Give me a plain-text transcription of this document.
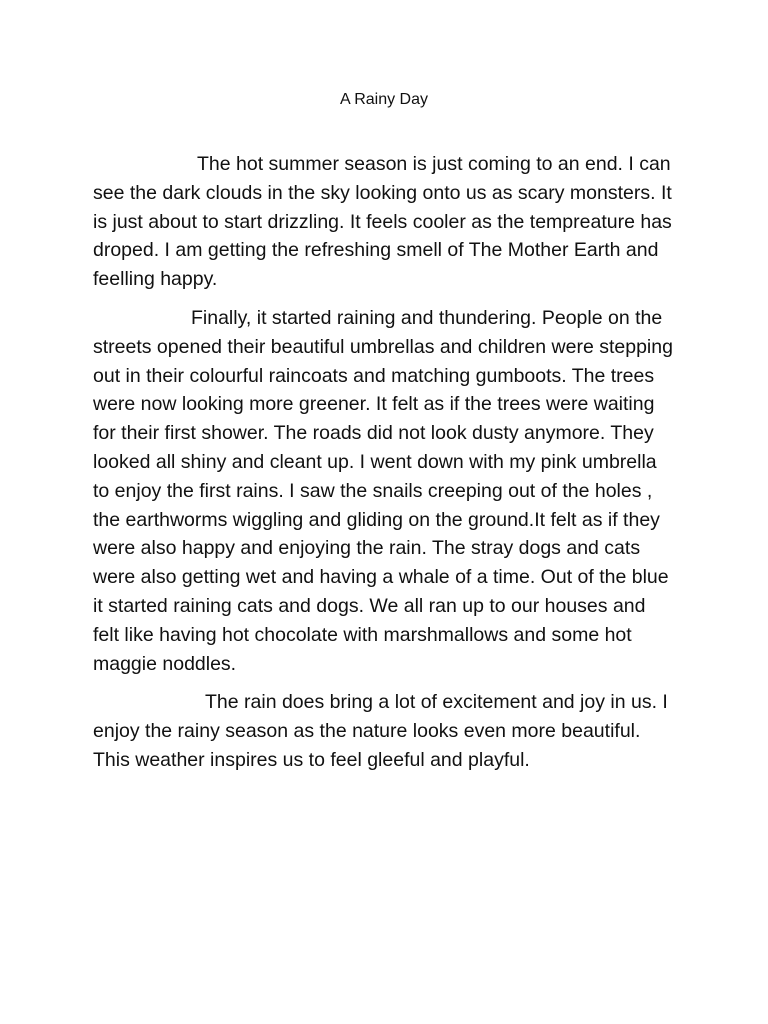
A Rainy Day

The hot summer season is just coming to an end. I can see the dark clouds in the sky looking onto us as scary monsters. It is just about to start drizzling. It feels cooler as the tempreature has droped. I am getting the refreshing smell of The Mother Earth and feelling happy.

Finally, it started raining and thundering. People on the streets opened their beautiful umbrellas and children were stepping out in their colourful raincoats and matching gumboots. The trees were now looking more greener. It felt as if the trees were waiting for their first shower. The roads did not look dusty anymore. They looked all shiny and cleant up. I went down with my pink umbrella to enjoy the first rains. I saw the snails creeping out of the holes , the earthworms wiggling and gliding on the ground.It felt as if they were also happy and enjoying the rain. The stray dogs and cats were also getting wet and having a whale of a time. Out of the blue it started raining cats and dogs. We all ran up to our houses and felt like having hot chocolate with marshmallows and some hot maggie noddles.

The rain does bring a lot of excitement and joy in us. I enjoy the rainy season as the nature looks even more beautiful. This weather inspires us to feel gleeful and playful.
